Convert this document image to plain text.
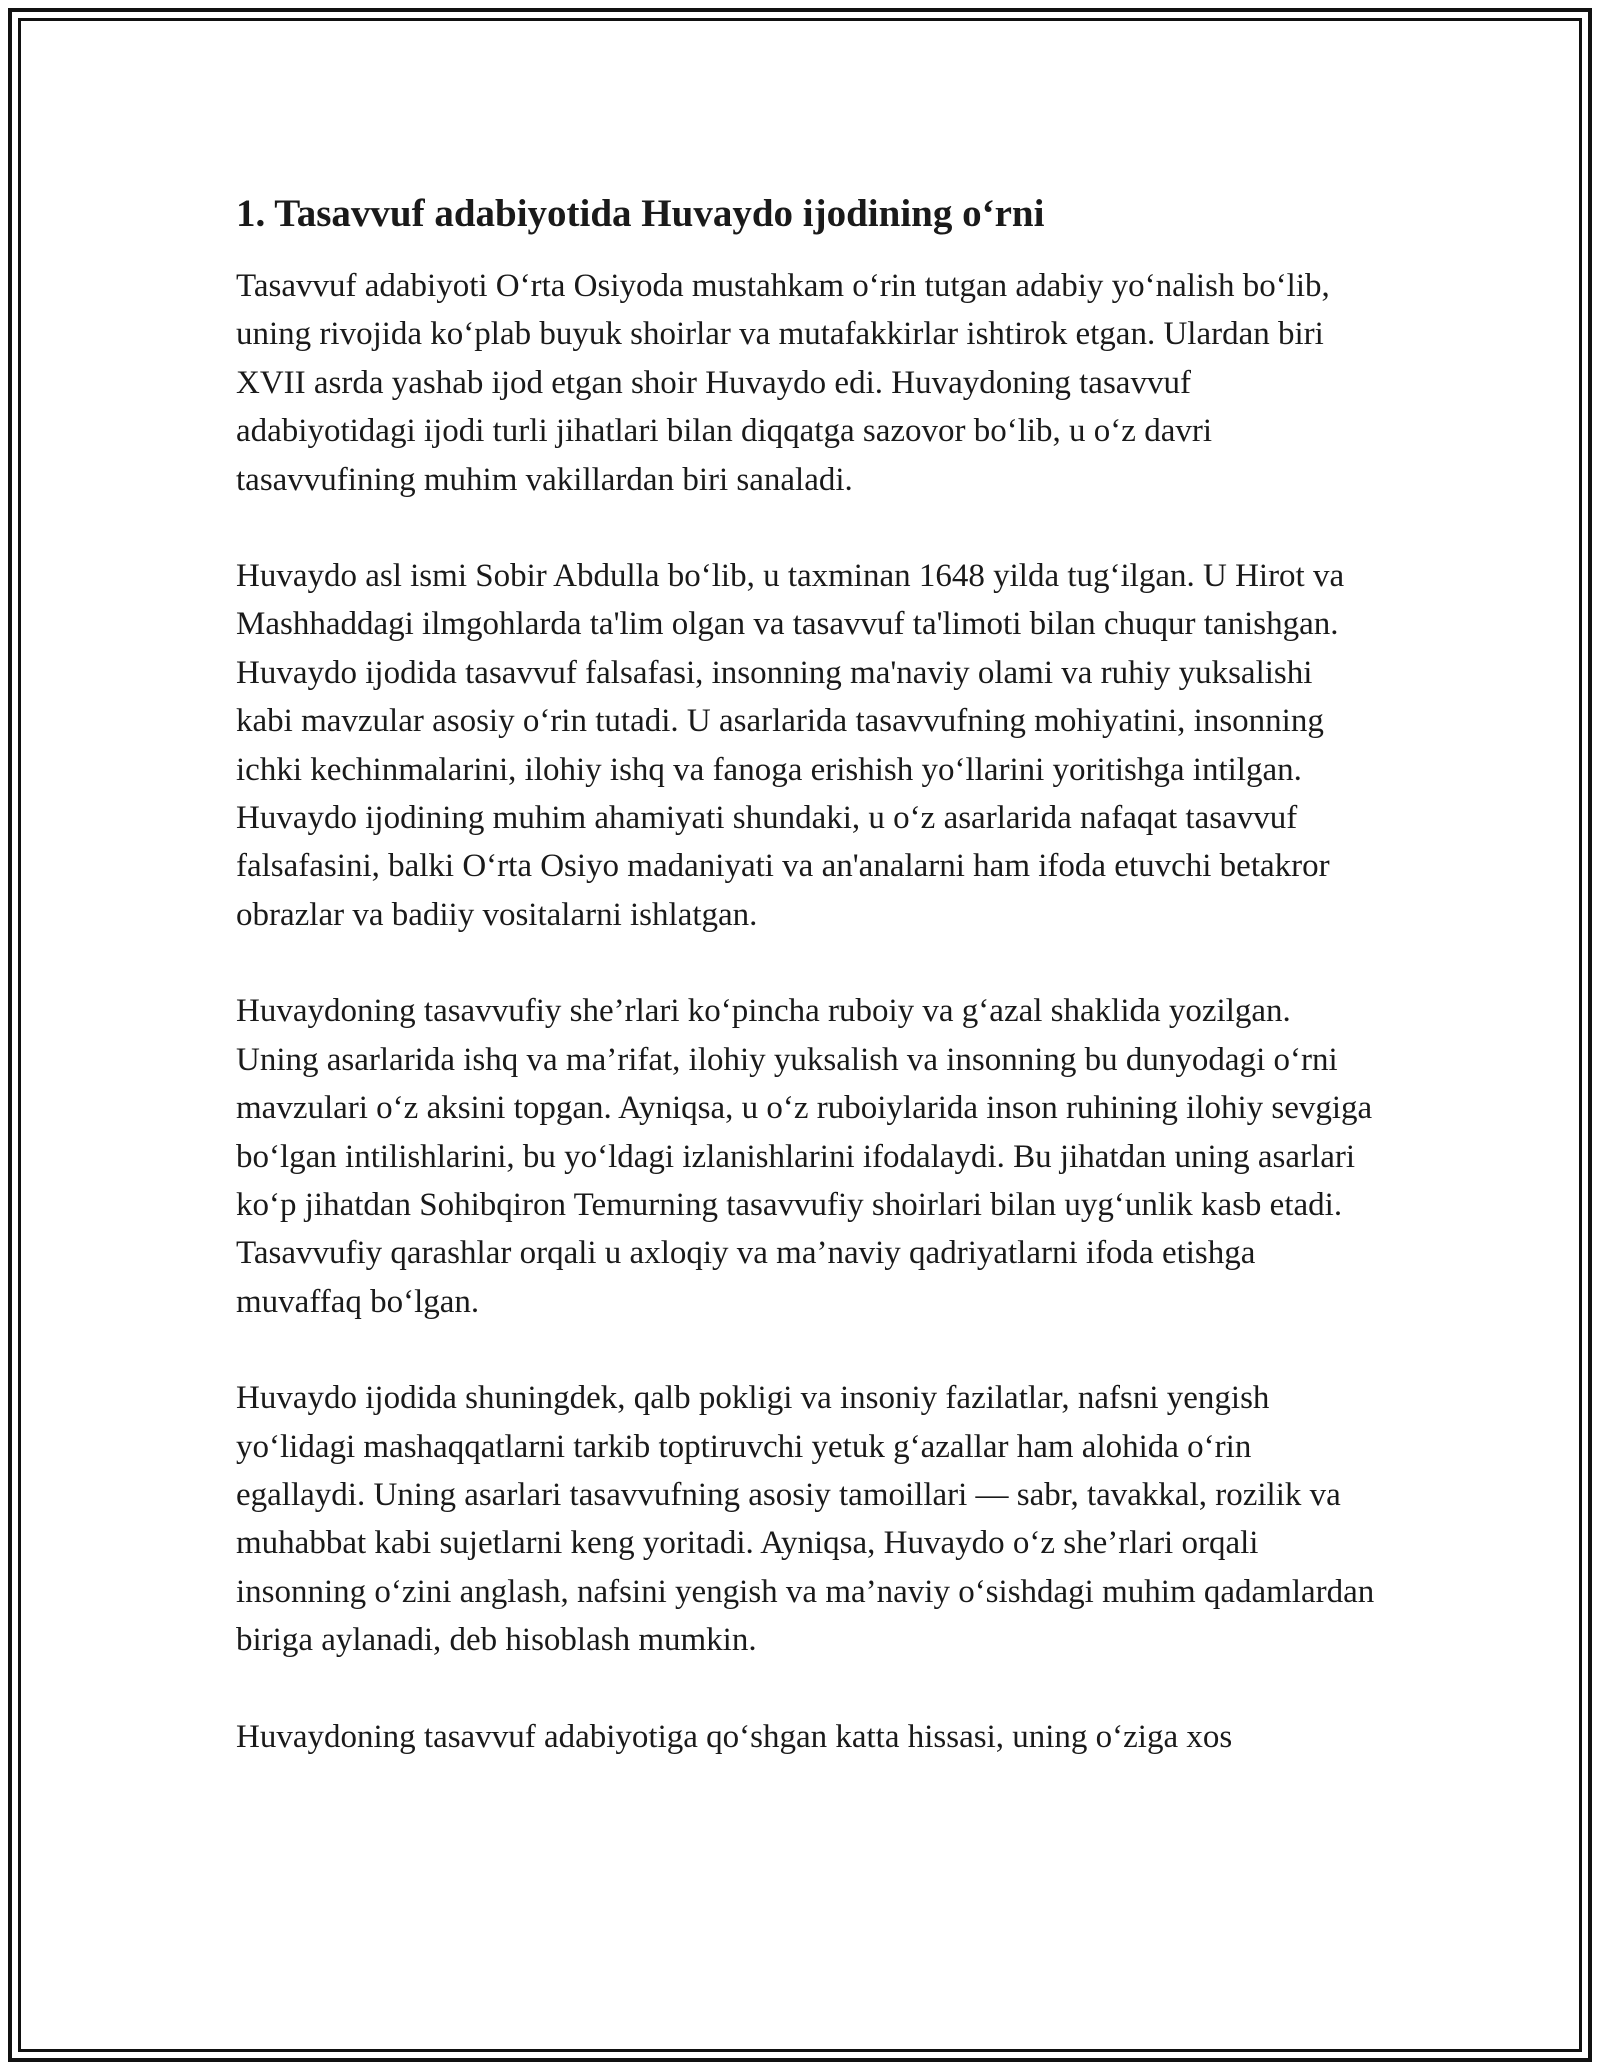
1. Tasavvuf adabiyotida Huvaydo ijodining o‘rni

Tasavvuf adabiyoti O‘rta Osiyoda mustahkam o‘rin tutgan adabiy yo‘nalish bo‘lib, uning rivojida ko‘plab buyuk shoirlar va mutafakkirlar ishtirok etgan. Ulardan biri XVII asrda yashab ijod etgan shoir Huvaydo edi. Huvaydoning tasavvuf adabiyotidagi ijodi turli jihatlari bilan diqqatga sazovor bo‘lib, u o‘z davri tasavvufining muhim vakillardan biri sanaladi.

Huvaydo asl ismi Sobir Abdulla bo‘lib, u taxminan 1648 yilda tug‘ilgan. U Hirot va Mashhaddagi ilmgohlarda ta'lim olgan va tasavvuf ta'limoti bilan chuqur tanishgan. Huvaydo ijodida tasavvuf falsafasi, insonning ma'naviy olami va ruhiy yuksalishi kabi mavzular asosiy o‘rin tutadi. U asarlarida tasavvufning mohiyatini, insonning ichki kechinmalarini, ilohiy ishq va fanoga erishish yo‘llarini yoritishga intilgan. Huvaydo ijodining muhim ahamiyati shundaki, u o‘z asarlarida nafaqat tasavvuf falsafasini, balki O‘rta Osiyo madaniyati va an'analarni ham ifoda etuvchi betakror obrazlar va badiiy vositalarni ishlatgan.

Huvaydoning tasavvufiy she’rlari ko‘pincha ruboiy va g‘azal shaklida yozilgan. Uning asarlarida ishq va ma’rifat, ilohiy yuksalish va insonning bu dunyodagi o‘rni mavzulari o‘z aksini topgan. Ayniqsa, u o‘z ruboiylarida inson ruhining ilohiy sevgiga bo‘lgan intilishlarini, bu yo‘ldagi izlanishlarini ifodalaydi. Bu jihatdan uning asarlari ko‘p jihatdan Sohibqiron Temurning tasavvufiy shoirlari bilan uyg‘unlik kasb etadi. Tasavvufiy qarashlar orqali u axloqiy va ma’naviy qadriyatlarni ifoda etishga muvaffaq bo‘lgan.

Huvaydo ijodida shuningdek, qalb pokligi va insoniy fazilatlar, nafsni yengish yo‘lidagi mashaqqatlarni tarkib toptiruvchi yetuk g‘azallar ham alohida o‘rin egallaydi. Uning asarlari tasavvufning asosiy tamoillari — sabr, tavakkal, rozilik va muhabbat kabi sujetlarni keng yoritadi. Ayniqsa, Huvaydo o‘z she’rlari orqali insonning o‘zini anglash, nafsini yengish va ma’naviy o‘sishdagi muhim qadamlardan biriga aylanadi, deb hisoblash mumkin.

Huvaydoning tasavvuf adabiyotiga qo‘shgan katta hissasi, uning o‘ziga xos
